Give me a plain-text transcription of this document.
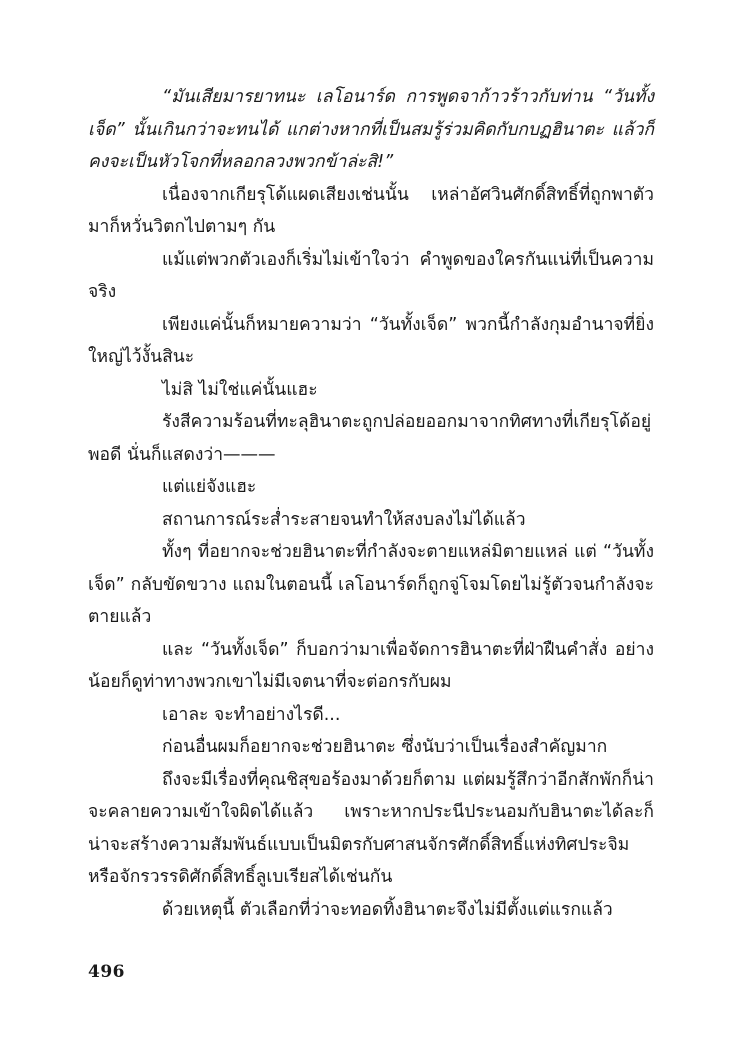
“มันเสียมารยาทนะ เลโอนาร์ด การพูดจาก้าวร้าวกับท่าน “วันทั้งเจ็ด” นั้นเกินกว่าจะทนได้ แกต่างหากที่เป็นสมรู้ร่วมคิดกับกบฏฮินาตะ แล้วก็คงจะเป็นหัวโจกที่หลอกลวงพวกข้าล่ะสิ!”

เนื่องจากเกียรุโด้แผดเสียงเช่นนั้น เหล่าอัศวินศักดิ์สิทธิ์ที่ถูกพาตัวมาก็หวั่นวิตกไปตามๆ กัน

แม้แต่พวกตัวเองก็เริ่มไม่เข้าใจว่า คำพูดของใครกันแน่ที่เป็นความจริง

เพียงแค่นั้นก็หมายความว่า “วันทั้งเจ็ด” พวกนี้กำลังกุมอำนาจที่ยิ่งใหญ่ไว้งั้นสินะ

ไม่สิ ไม่ใช่แค่นั้นแฮะ

รังสีความร้อนที่ทะลุฮินาตะถูกปล่อยออกมาจากทิศทางที่เกียรุโด้อยู่พอดี นั่นก็แสดงว่า———

แต่แย่จังแฮะ

สถานการณ์ระส่ำระสายจนทำให้สงบลงไม่ได้แล้ว

ทั้งๆ ที่อยากจะช่วยฮินาตะที่กำลังจะตายแหล่มิตายแหล่ แต่ “วันทั้งเจ็ด” กลับขัดขวาง แถมในตอนนี้ เลโอนาร์ดก็ถูกจู่โจมโดยไม่รู้ตัวจนกำลังจะตายแล้ว

และ “วันทั้งเจ็ด” ก็บอกว่ามาเพื่อจัดการฮินาตะที่ฝ่าฝืนคำสั่ง อย่างน้อยก็ดูท่าทางพวกเขาไม่มีเจตนาที่จะต่อกรกับผม

เอาละ จะทำอย่างไรดี...

ก่อนอื่นผมก็อยากจะช่วยฮินาตะ ซึ่งนับว่าเป็นเรื่องสำคัญมาก

ถึงจะมีเรื่องที่คุณชิสุขอร้องมาด้วยก็ตาม แต่ผมรู้สึกว่าอีกสักพักก็น่าจะคลายความเข้าใจผิดได้แล้ว เพราะหากประนีประนอมกับฮินาตะได้ละก็ น่าจะสร้างความสัมพันธ์แบบเป็นมิตรกับศาสนจักรศักดิ์สิทธิ์แห่งทิศประจิม หรือจักรวรรดิศักดิ์สิทธิ์ลูเบเรียสได้เช่นกัน

ด้วยเหตุนี้ ตัวเลือกที่ว่าจะทอดทิ้งฮินาตะจึงไม่มีตั้งแต่แรกแล้ว

496
